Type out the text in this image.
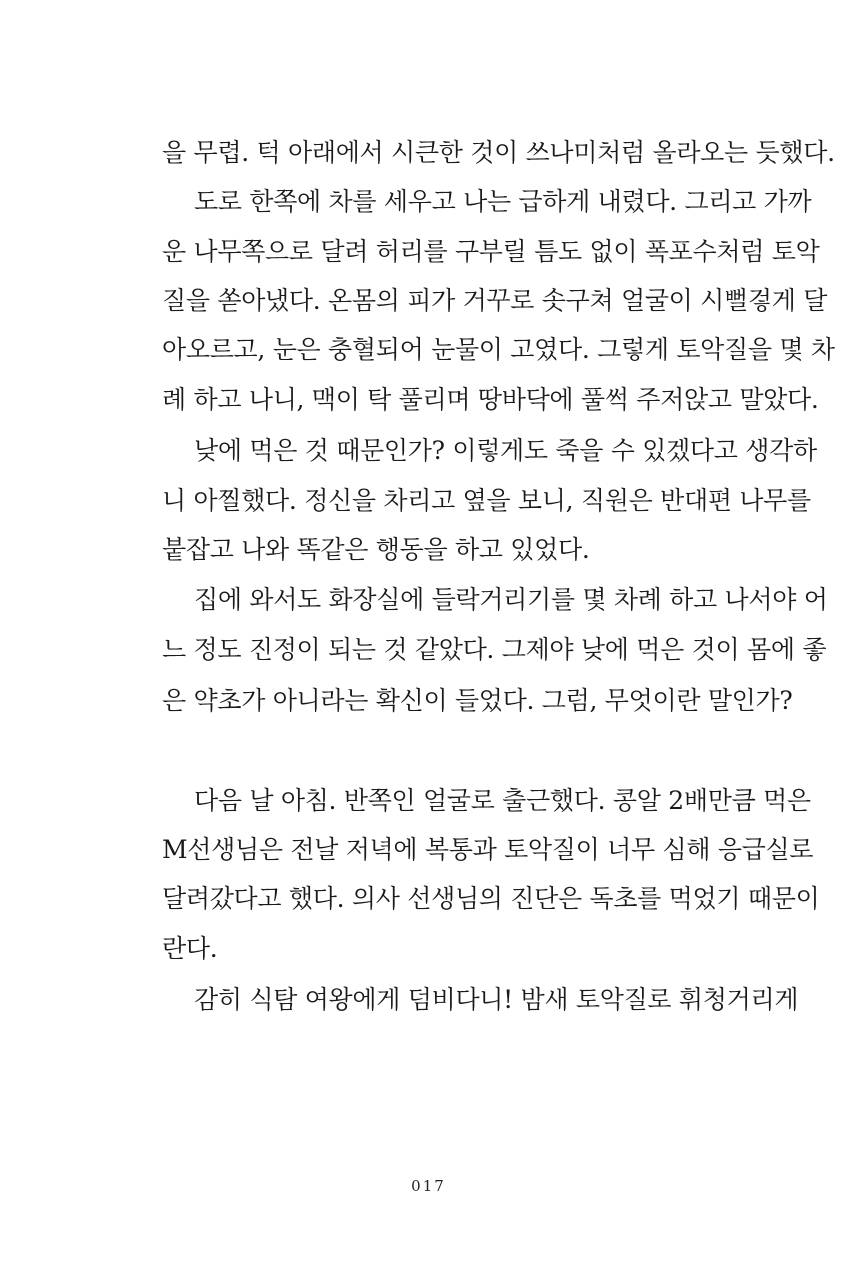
을 무렵. 턱 아래에서 시큰한 것이 쓰나미처럼 올라오는 듯했다.
도로 한쪽에 차를 세우고 나는 급하게 내렸다. 그리고 가까
운 나무쪽으로 달려 허리를 구부릴 틈도 없이 폭포수처럼 토악
질을 쏟아냈다. 온몸의 피가 거꾸로 솟구쳐 얼굴이 시뻘겋게 달
아오르고, 눈은 충혈되어 눈물이 고였다. 그렇게 토악질을 몇 차
례 하고 나니, 맥이 탁 풀리며 땅바닥에 풀썩 주저앉고 말았다.
낮에 먹은 것 때문인가? 이렇게도 죽을 수 있겠다고 생각하
니 아찔했다. 정신을 차리고 옆을 보니, 직원은 반대편 나무를
붙잡고 나와 똑같은 행동을 하고 있었다.
집에 와서도 화장실에 들락거리기를 몇 차례 하고 나서야 어
느 정도 진정이 되는 것 같았다. 그제야 낮에 먹은 것이 몸에 좋
은 약초가 아니라는 확신이 들었다. 그럼, 무엇이란 말인가?
다음 날 아침. 반쪽인 얼굴로 출근했다. 콩알 2배만큼 먹은
M선생님은 전날 저녁에 복통과 토악질이 너무 심해 응급실로
달려갔다고 했다. 의사 선생님의 진단은 독초를 먹었기 때문이
란다.
감히 식탐 여왕에게 덤비다니! 밤새 토악질로 휘청거리게
017
